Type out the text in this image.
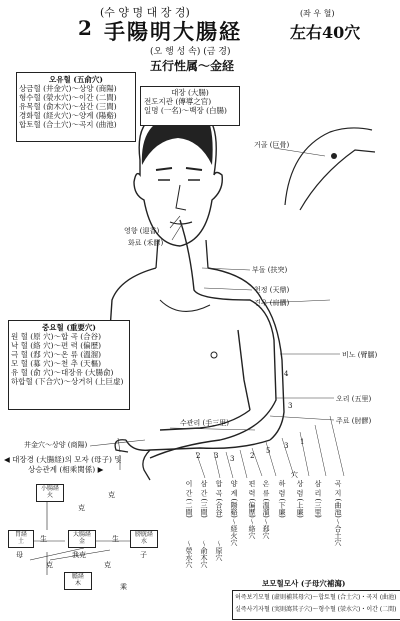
(수 양 명 대 장 경)
2 手陽明大腸経
(좌 우 혈)
左右40穴
(오 행 성 속) (금 경)
五行性属～金経
오유혈 (五俞穴)
상금혈 (井金穴)～상양 (商陽)
형수혈 (滎水穴)～이간 (二間)
유목혈 (俞木穴)～삼간 (三間)
경화혈 (経火穴)～양계 (陽谿)
합토혈 (合土穴)～곡지 (曲池)
대장 (大腸)
전도지관 (傳導之官)
일명 (一名)～백장 (白腸)
거골 (巨骨)
영향 (迎香)
화료 (禾髎)
부돌 (扶突)
천정 (天鼎)
견우 (肩髃)
비노 (臂臑)
오리 (五里)
주료 (肘髎)
수관리 (手三里)
井金穴～상양 (商陽)
4
3
穴
2 3 3 2
5
3 1
중요혈 (重要穴)
원 혈 (原 穴)～합 곡 (合谷)
낙 혈 (絡 穴)～편 력 (偏歷)
극 혈 (郄 穴)～온 류 (溫溜)
모 혈 (募 穴)～천 추 (天樞)
유 혈 (俞 穴)～대장유 (大腸俞)
하합혈 (下合穴)～상거허 (上巨虚)
이 간 (二間) 삼 간 (三間) 합 곡 (合谷) 양 계 (陽谿)～経火穴 편 력 (偏歷)～絡穴 온 류 (溫溜)～郄穴 하 렴 (下廉) 상 렴 (上廉) 삼 리 (三里) 곡 지 (曲池)～合土穴
～滎水穴 ～俞木穴 ～原穴
◀ 대장경 (大腸経)의 모자 (母子) 및
상승관계 (相乘関係) ▶
小腸経
火
大腸経
金
胃経
土
膀胱経
水
膽経
木
生	生
克
克
我克
母	子
乘
克	克
보모혈모사 (子母穴補瀉)
허즉보기모혈 (虛則補其母穴)～합토혈 (合土穴)・곡지 (曲池)
실즉사기자혈 (実則瀉其子穴)～형수혈 (滎水穴)・이간 (二間)
